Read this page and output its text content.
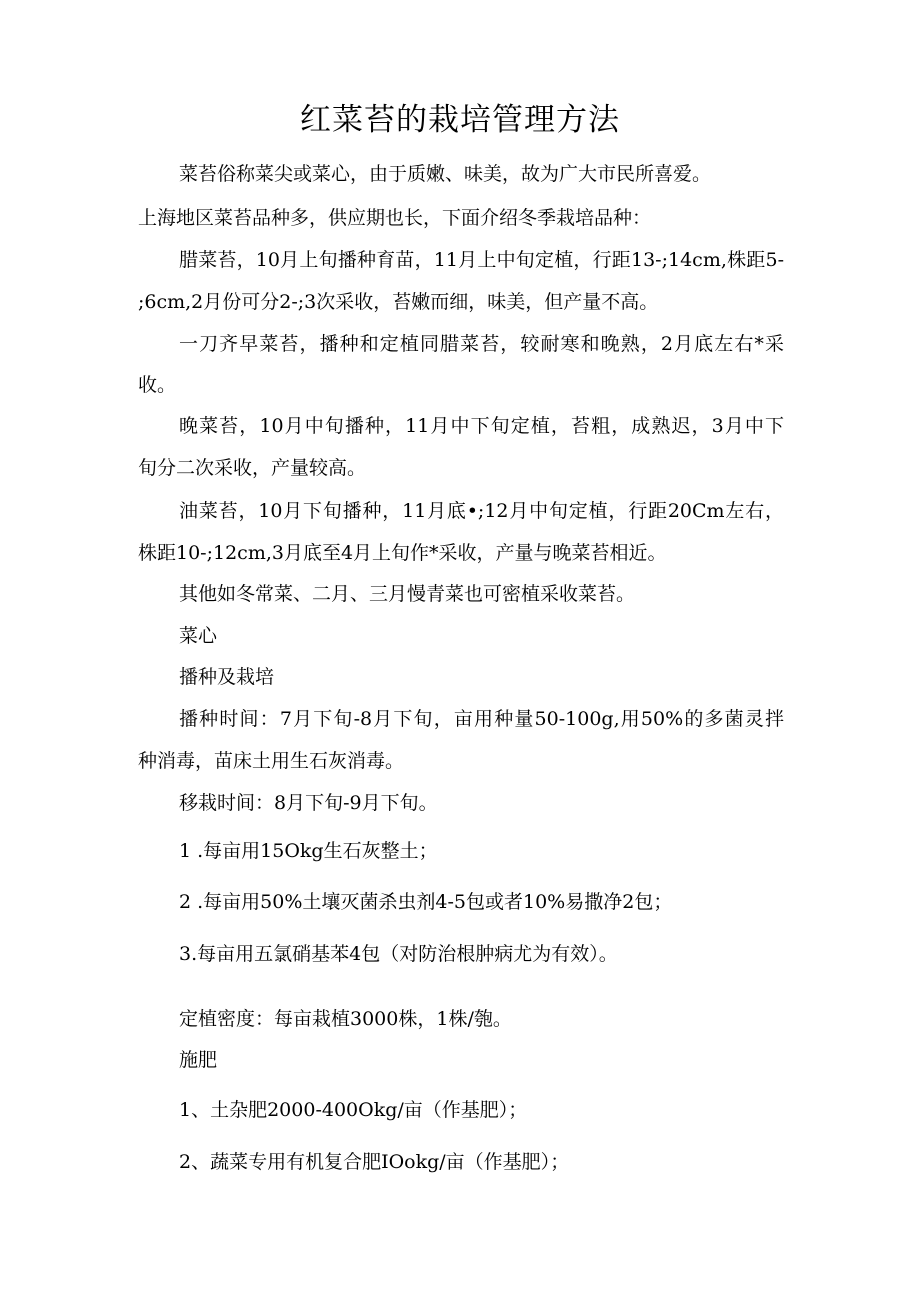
红菜苔的栽培管理方法

菜苔俗称菜尖或菜心，由于质嫩、味美，故为广大市民所喜爱。

上海地区菜苔品种多，供应期也长，下面介绍冬季栽培品种：

腊菜苔，10月上旬播种育苗，11月上中旬定植，行距13-;14cm,株距5-

;6cm,2月份可分2-;3次采收，苔嫩而细，味美，但产量不高。

一刀齐早菜苔，播种和定植同腊菜苔，较耐寒和晚熟，2月底左右*采

收。

晚菜苔，10月中旬播种，11月中下旬定植，苔粗，成熟迟，3月中下

旬分二次采收，产量较高。

油菜苔，10月下旬播种，11月底•;12月中旬定植，行距20Cm左右，

株距10-;12cm,3月底至4月上旬作*采收，产量与晚菜苔相近。

其他如冬常菜、二月、三月慢青菜也可密植采收菜苔。

菜心

播种及栽培

播种时间：7月下旬-8月下旬，亩用种量50-100g,用50%的多菌灵拌

种消毒，苗床土用生石灰消毒。

移栽时间：8月下旬-9月下旬。

1 .每亩用15Okg生石灰整土；

2 .每亩用50%土壤灭菌杀虫剂4-5包或者10%易撒净2包；

3.每亩用五氯硝基苯4包（对防治根肿病尤为有效）。

定植密度：每亩栽植3000株，1株/匏。

施肥

1、土杂肥2000-400Okg/亩（作基肥）；

2、蔬菜专用有机复合肥IOokg/亩（作基肥）；
